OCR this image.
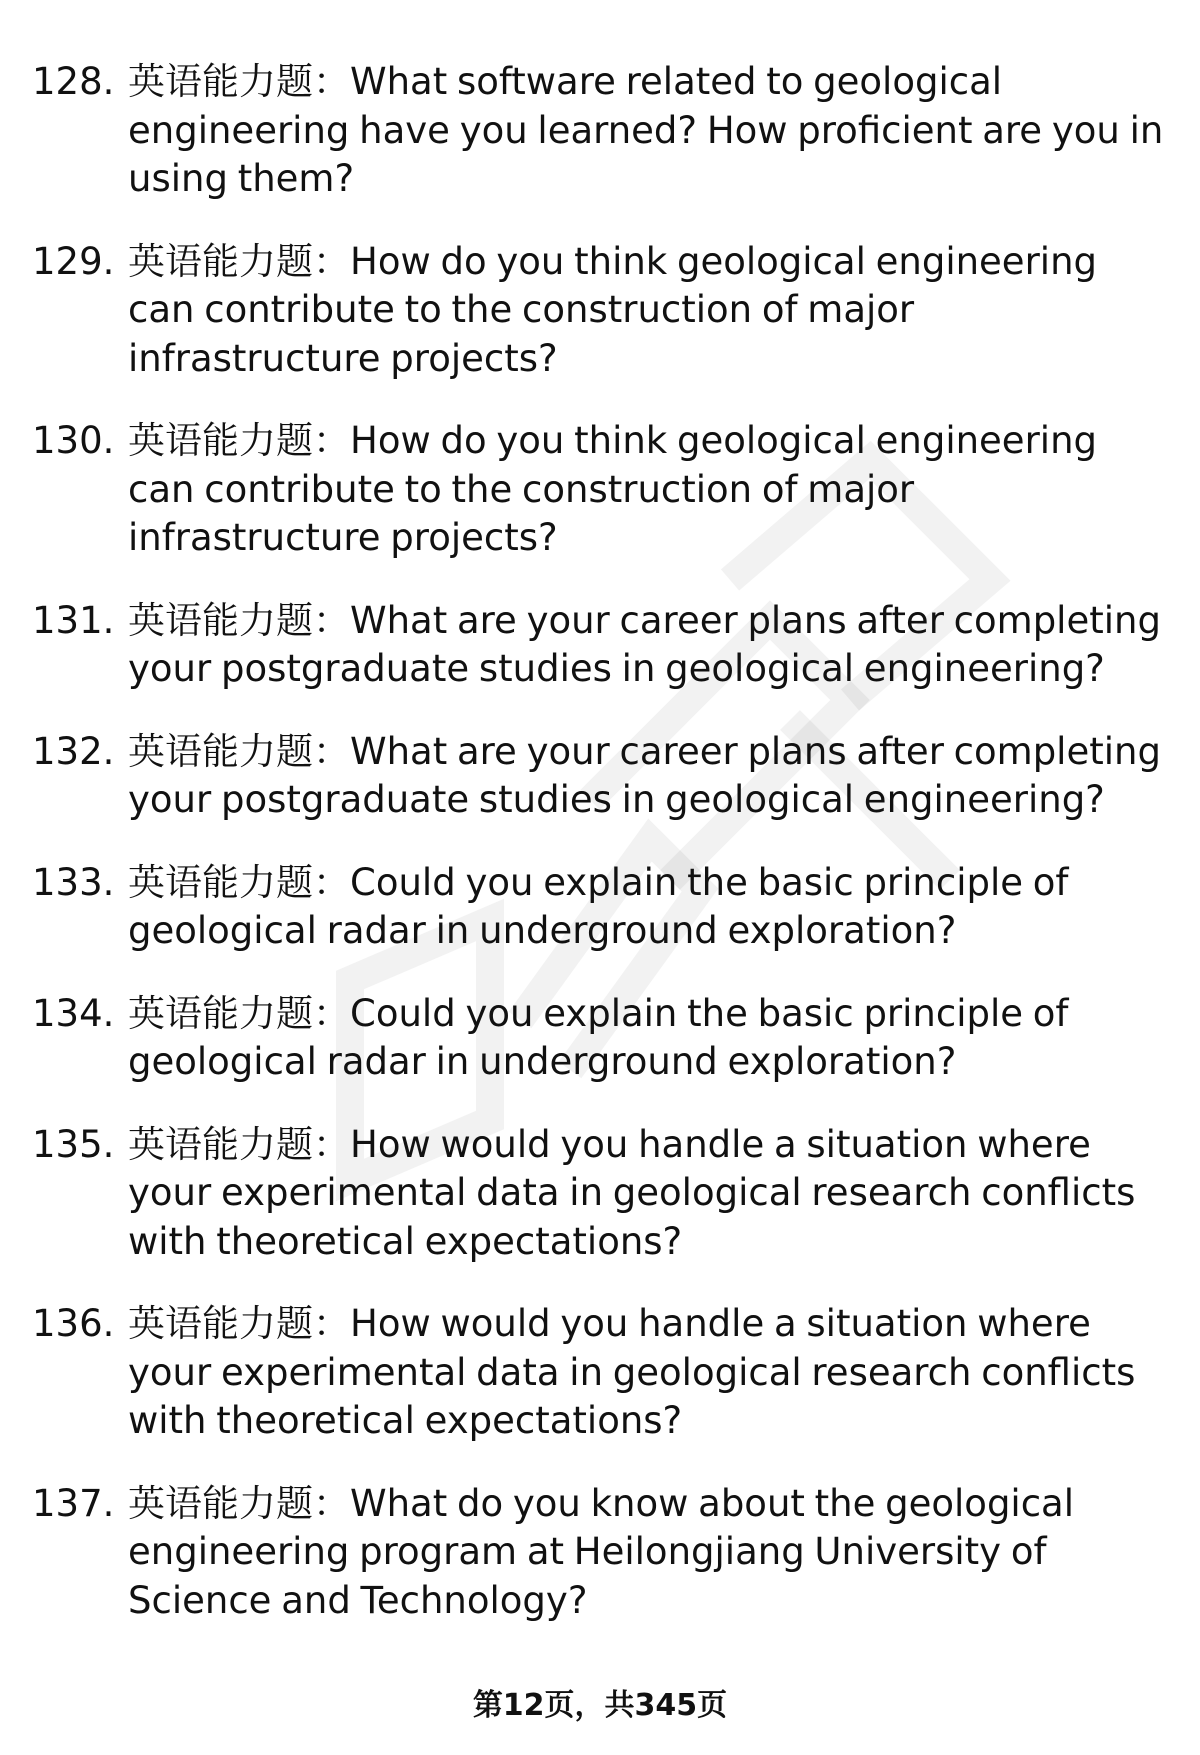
128. 英语能力题：What software related to geological engineering have you learned? How proficient are you in using them?
129. 英语能力题：How do you think geological engineering can contribute to the construction of major infrastructure projects?
130. 英语能力题：How do you think geological engineering can contribute to the construction of major infrastructure projects?
131. 英语能力题：What are your career plans after completing your postgraduate studies in geological engineering?
132. 英语能力题：What are your career plans after completing your postgraduate studies in geological engineering?
133. 英语能力题：Could you explain the basic principle of geological radar in underground exploration?
134. 英语能力题：Could you explain the basic principle of geological radar in underground exploration?
135. 英语能力题：How would you handle a situation where your experimental data in geological research conflicts with theoretical expectations?
136. 英语能力题：How would you handle a situation where your experimental data in geological research conflicts with theoretical expectations?
137. 英语能力题：What do you know about the geological engineering program at Heilongjiang University of Science and Technology?
第12页，共345页
